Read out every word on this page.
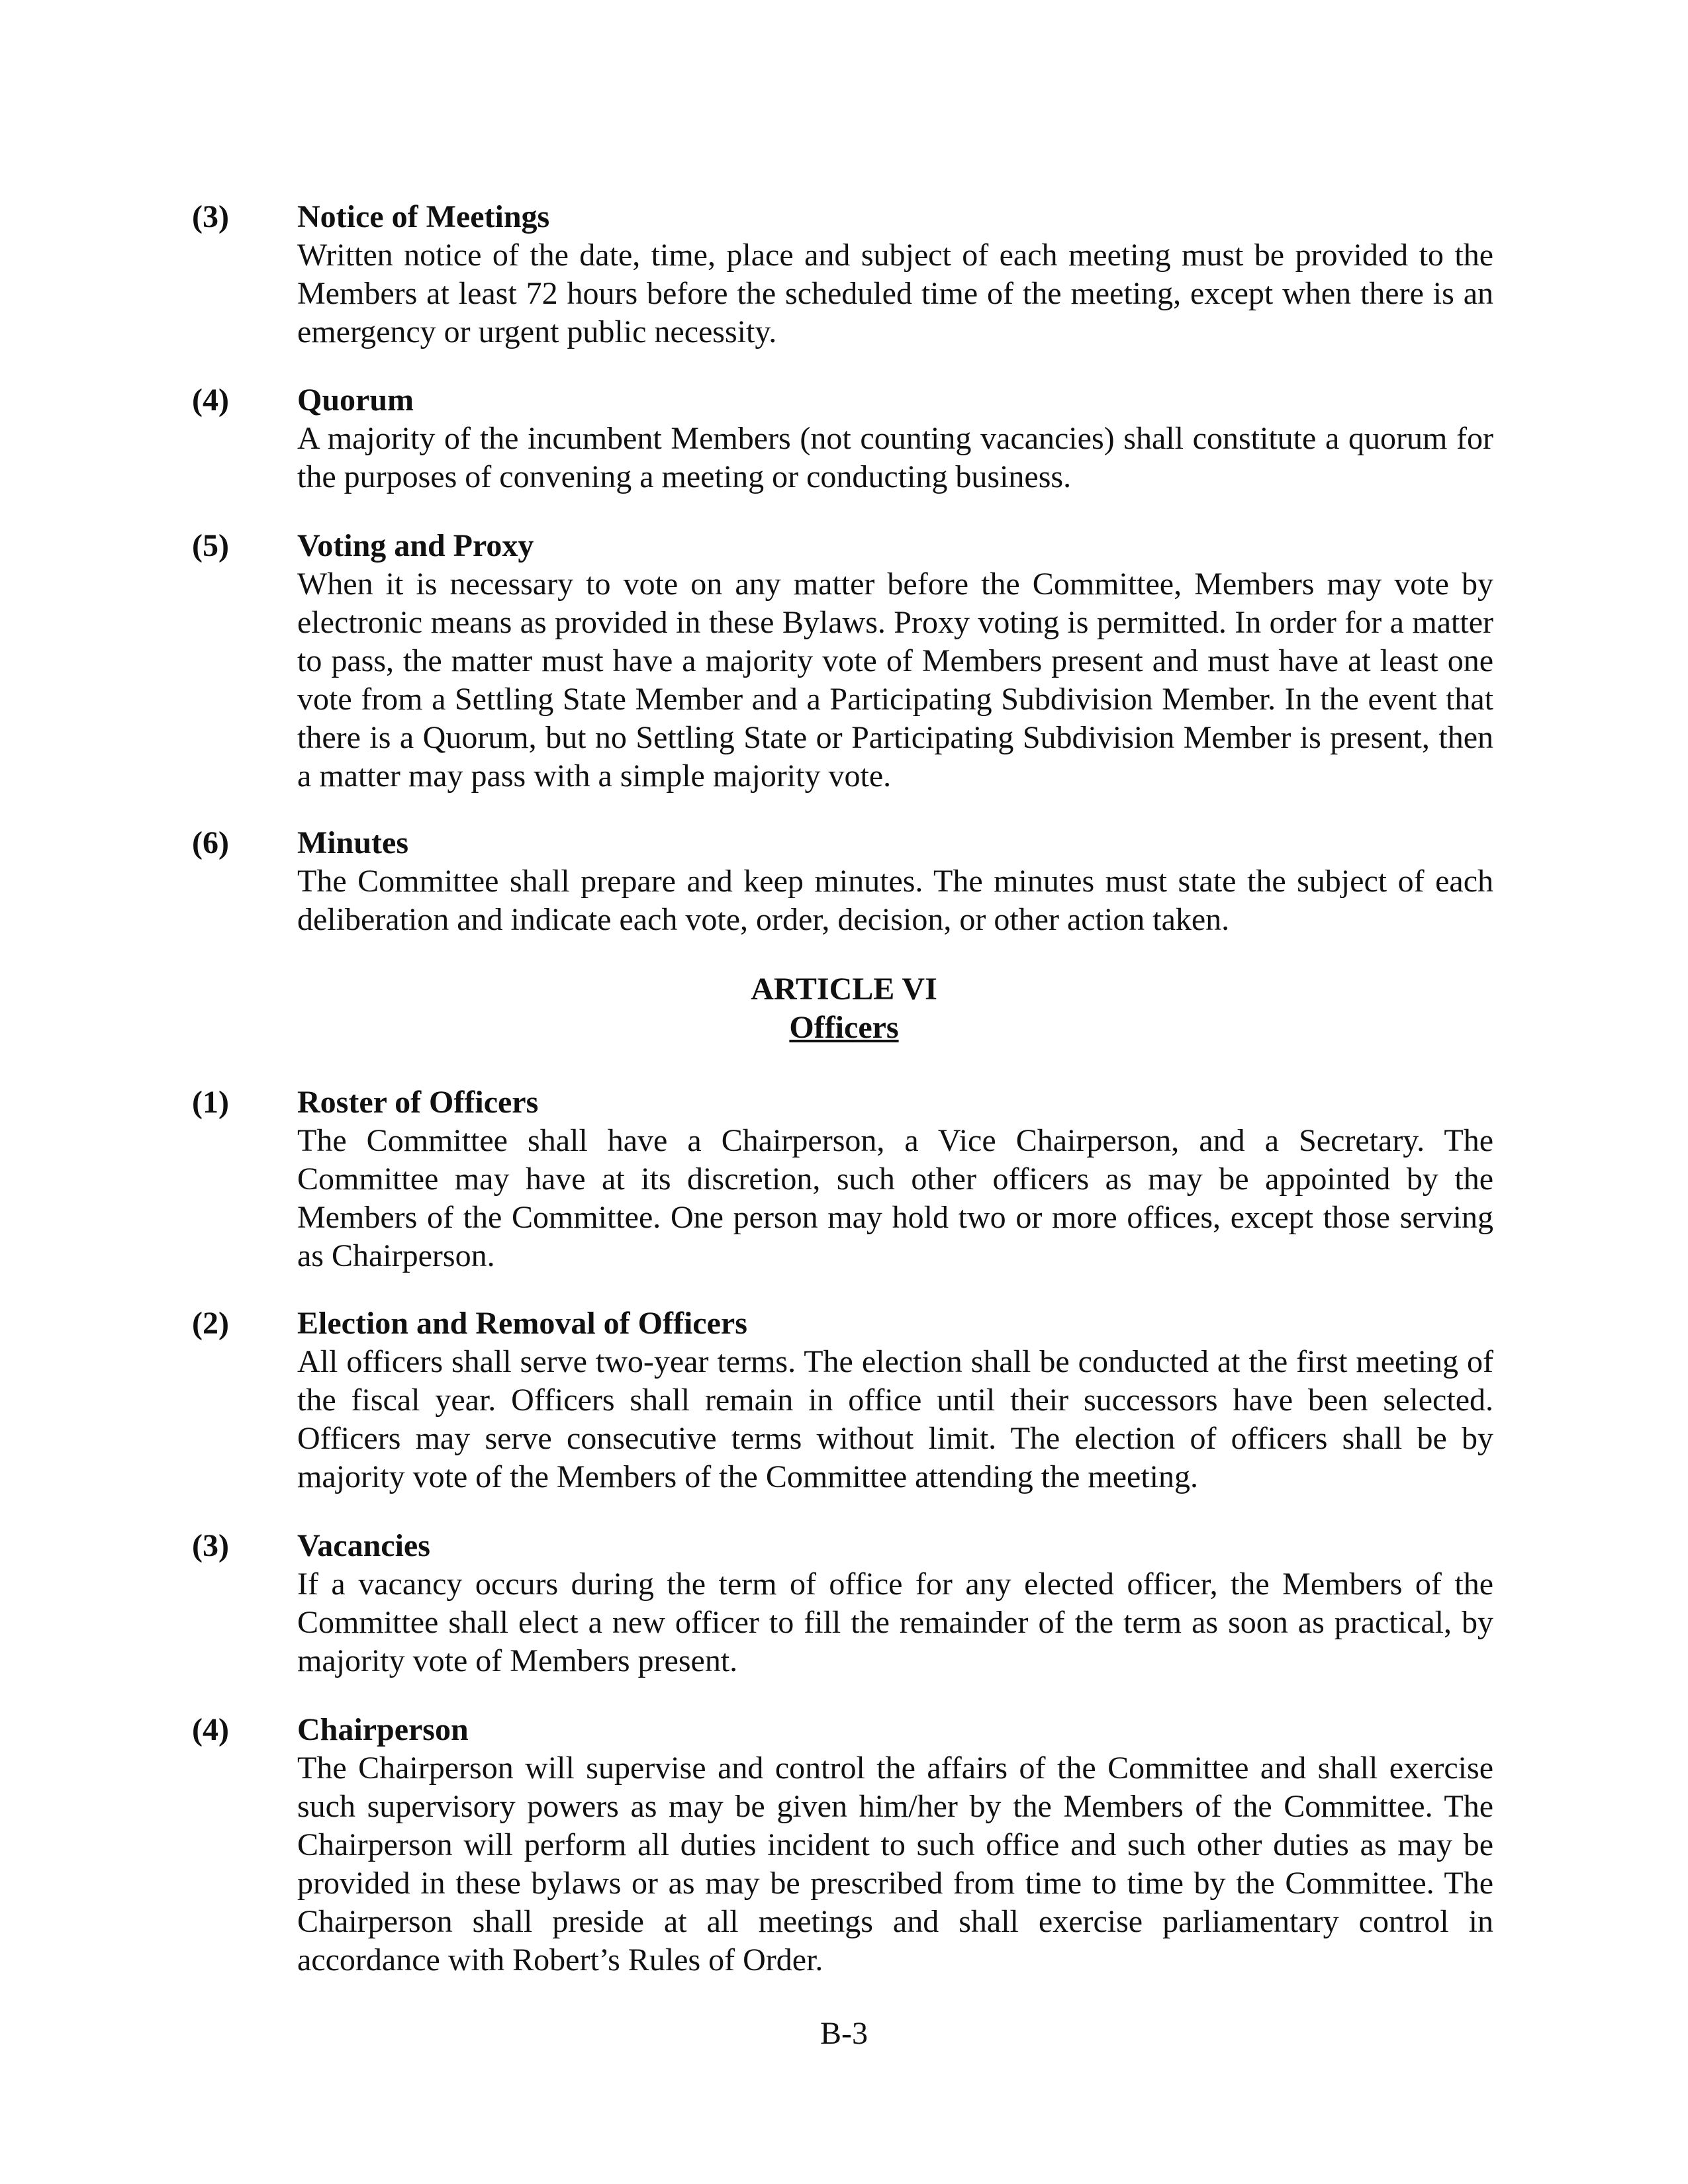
(3) Notice of Meetings
Written notice of the date, time, place and subject of each meeting must be provided to the Members at least 72 hours before the scheduled time of the meeting, except when there is an emergency or urgent public necessity.
(4) Quorum
A majority of the incumbent Members (not counting vacancies) shall constitute a quorum for the purposes of convening a meeting or conducting business.
(5) Voting and Proxy
When it is necessary to vote on any matter before the Committee, Members may vote by electronic means as provided in these Bylaws. Proxy voting is permitted. In order for a matter to pass, the matter must have a majority vote of Members present and must have at least one vote from a Settling State Member and a Participating Subdivision Member. In the event that there is a Quorum, but no Settling State or Participating Subdivision Member is present, then a matter may pass with a simple majority vote.
(6) Minutes
The Committee shall prepare and keep minutes. The minutes must state the subject of each deliberation and indicate each vote, order, decision, or other action taken.
ARTICLE VI
Officers
(1) Roster of Officers
The Committee shall have a Chairperson, a Vice Chairperson, and a Secretary. The Committee may have at its discretion, such other officers as may be appointed by the Members of the Committee. One person may hold two or more offices, except those serving as Chairperson.
(2) Election and Removal of Officers
All officers shall serve two-year terms. The election shall be conducted at the first meeting of the fiscal year. Officers shall remain in office until their successors have been selected. Officers may serve consecutive terms without limit. The election of officers shall be by majority vote of the Members of the Committee attending the meeting.
(3) Vacancies
If a vacancy occurs during the term of office for any elected officer, the Members of the Committee shall elect a new officer to fill the remainder of the term as soon as practical, by majority vote of Members present.
(4) Chairperson
The Chairperson will supervise and control the affairs of the Committee and shall exercise such supervisory powers as may be given him/her by the Members of the Committee. The Chairperson will perform all duties incident to such office and such other duties as may be provided in these bylaws or as may be prescribed from time to time by the Committee. The Chairperson shall preside at all meetings and shall exercise parliamentary control in accordance with Robert’s Rules of Order.
B-3
